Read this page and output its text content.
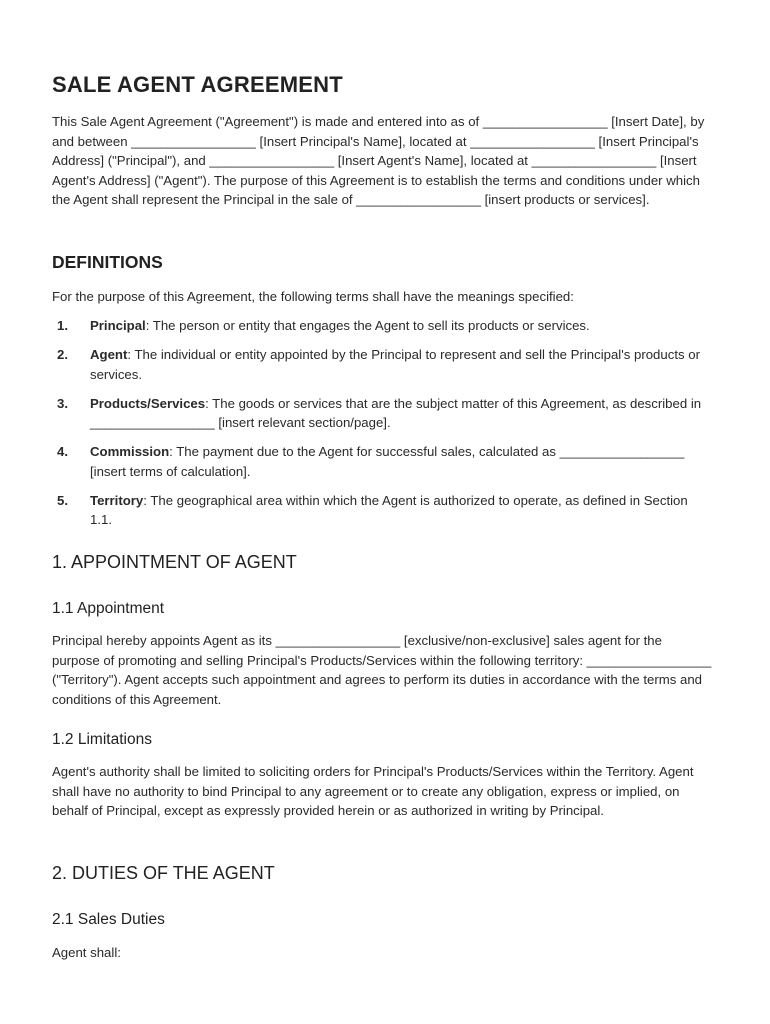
SALE AGENT AGREEMENT

This Sale Agent Agreement ("Agreement") is made and entered into as of _________________ [Insert Date], by and between _________________ [Insert Principal's Name], located at _________________ [Insert Principal's Address] ("Principal"), and _________________ [Insert Agent's Name], located at _________________ [Insert Agent's Address] ("Agent"). The purpose of this Agreement is to establish the terms and conditions under which the Agent shall represent the Principal in the sale of _________________ [insert products or services].

DEFINITIONS

For the purpose of this Agreement, the following terms shall have the meanings specified:

1. Principal: The person or entity that engages the Agent to sell its products or services.
2. Agent: The individual or entity appointed by the Principal to represent and sell the Principal's products or services.
3. Products/Services: The goods or services that are the subject matter of this Agreement, as described in _________________ [insert relevant section/page].
4. Commission: The payment due to the Agent for successful sales, calculated as _________________ [insert terms of calculation].
5. Territory: The geographical area within which the Agent is authorized to operate, as defined in Section 1.1.
1. APPOINTMENT OF AGENT
1.1 Appointment

Principal hereby appoints Agent as its _________________ [exclusive/non-exclusive] sales agent for the purpose of promoting and selling Principal's Products/Services within the following territory: _________________ ("Territory"). Agent accepts such appointment and agrees to perform its duties in accordance with the terms and conditions of this Agreement.

1.2 Limitations

Agent's authority shall be limited to soliciting orders for Principal's Products/Services within the Territory. Agent shall have no authority to bind Principal to any agreement or to create any obligation, express or implied, on behalf of Principal, except as expressly provided herein or as authorized in writing by Principal.

2. DUTIES OF THE AGENT
2.1 Sales Duties

Agent shall:
